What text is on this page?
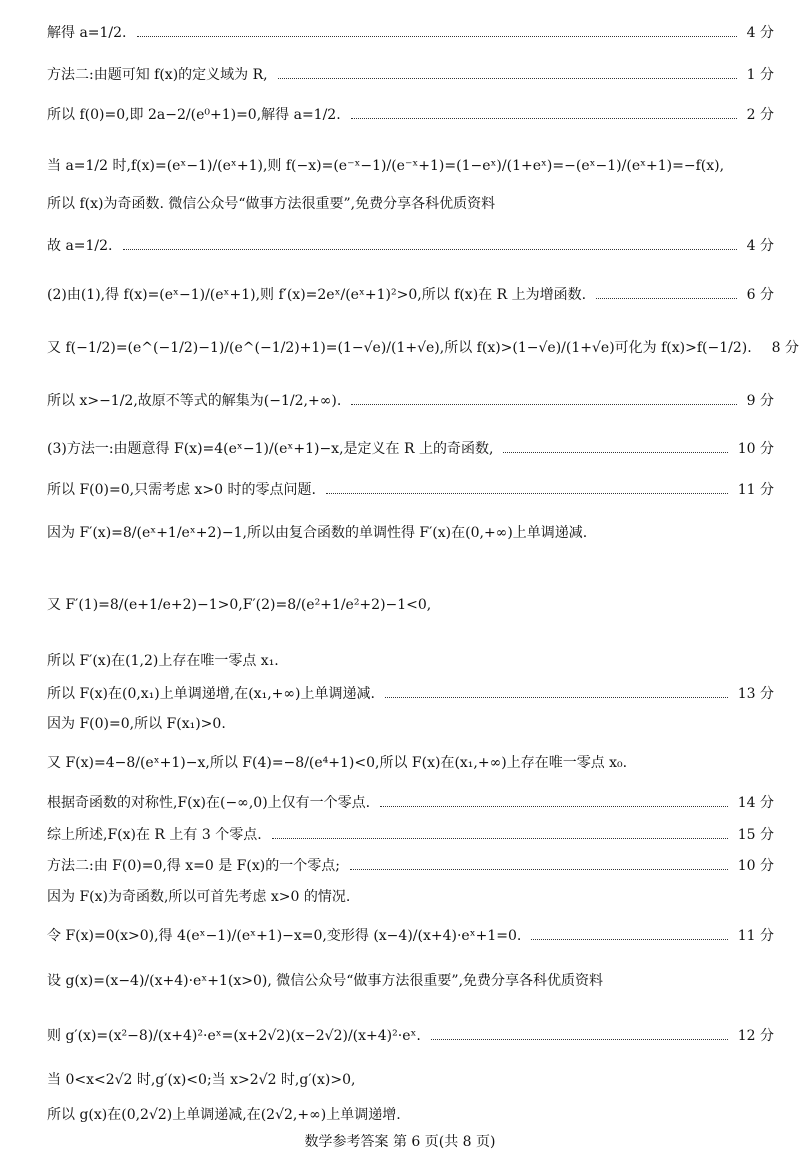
解得 a=1/2.	4 分
方法二:由题可知 f(x)的定义域为 R,	1 分
所以 f(0)=0,即 2a−2/(e⁰+1)=0,解得 a=1/2.	2 分
当 a=1/2 时,f(x)=(eˣ−1)/(eˣ+1),则 f(−x)=(e⁻ˣ−1)/(e⁻ˣ+1)=(1−eˣ)/(1+eˣ)=−(eˣ−1)/(eˣ+1)=−f(x),
所以 f(x)为奇函数. 微信公众号“做事方法很重要”,免费分享各科优质资料
故 a=1/2.	4 分
(2)由(1),得 f(x)=(eˣ−1)/(eˣ+1),则 f′(x)=2eˣ/(eˣ+1)²>0,所以 f(x)在 R 上为增函数.	6 分
又 f(−1/2)=(e^(−1/2)−1)/(e^(−1/2)+1)=(1−√e)/(1+√e),所以 f(x)>(1−√e)/(1+√e)可化为 f(x)>f(−1/2). 8 分
所以 x>−1/2,故原不等式的解集为(−1/2,+∞).	9 分
(3)方法一:由题意得 F(x)=4(eˣ−1)/(eˣ+1)−x,是定义在 R 上的奇函数,	10 分
所以 F(0)=0,只需考虑 x>0 时的零点问题.	11 分
因为 F′(x)=8/(eˣ+1/eˣ+2)−1,所以由复合函数的单调性得 F′(x)在(0,+∞)上单调递减.
又 F′(1)=8/(e+1/e+2)−1>0,F′(2)=8/(e²+1/e²+2)−1<0,
所以 F′(x)在(1,2)上存在唯一零点 x₁.
所以 F(x)在(0,x₁)上单调递增,在(x₁,+∞)上单调递减.	13 分
因为 F(0)=0,所以 F(x₁)>0.
又 F(x)=4−8/(eˣ+1)−x,所以 F(4)=−8/(e⁴+1)<0,所以 F(x)在(x₁,+∞)上存在唯一零点 x₀.
根据奇函数的对称性,F(x)在(−∞,0)上仅有一个零点.	14 分
综上所述,F(x)在 R 上有 3 个零点.	15 分
方法二:由 F(0)=0,得 x=0 是 F(x)的一个零点;	10 分
因为 F(x)为奇函数,所以可首先考虑 x>0 的情况.
令 F(x)=0(x>0),得 4(eˣ−1)/(eˣ+1)−x=0,变形得 (x−4)/(x+4)·eˣ+1=0.	11 分
设 g(x)=(x−4)/(x+4)·eˣ+1(x>0), 微信公众号“做事方法很重要”,免费分享各科优质资料
则 g′(x)=(x²−8)/(x+4)²·eˣ=(x+2√2)(x−2√2)/(x+4)²·eˣ.	12 分
当 0<x<2√2 时,g′(x)<0;当 x>2√2 时,g′(x)>0,
所以 g(x)在(0,2√2)上单调递减,在(2√2,+∞)上单调递增.
数学参考答案 第 6 页(共 8 页)
